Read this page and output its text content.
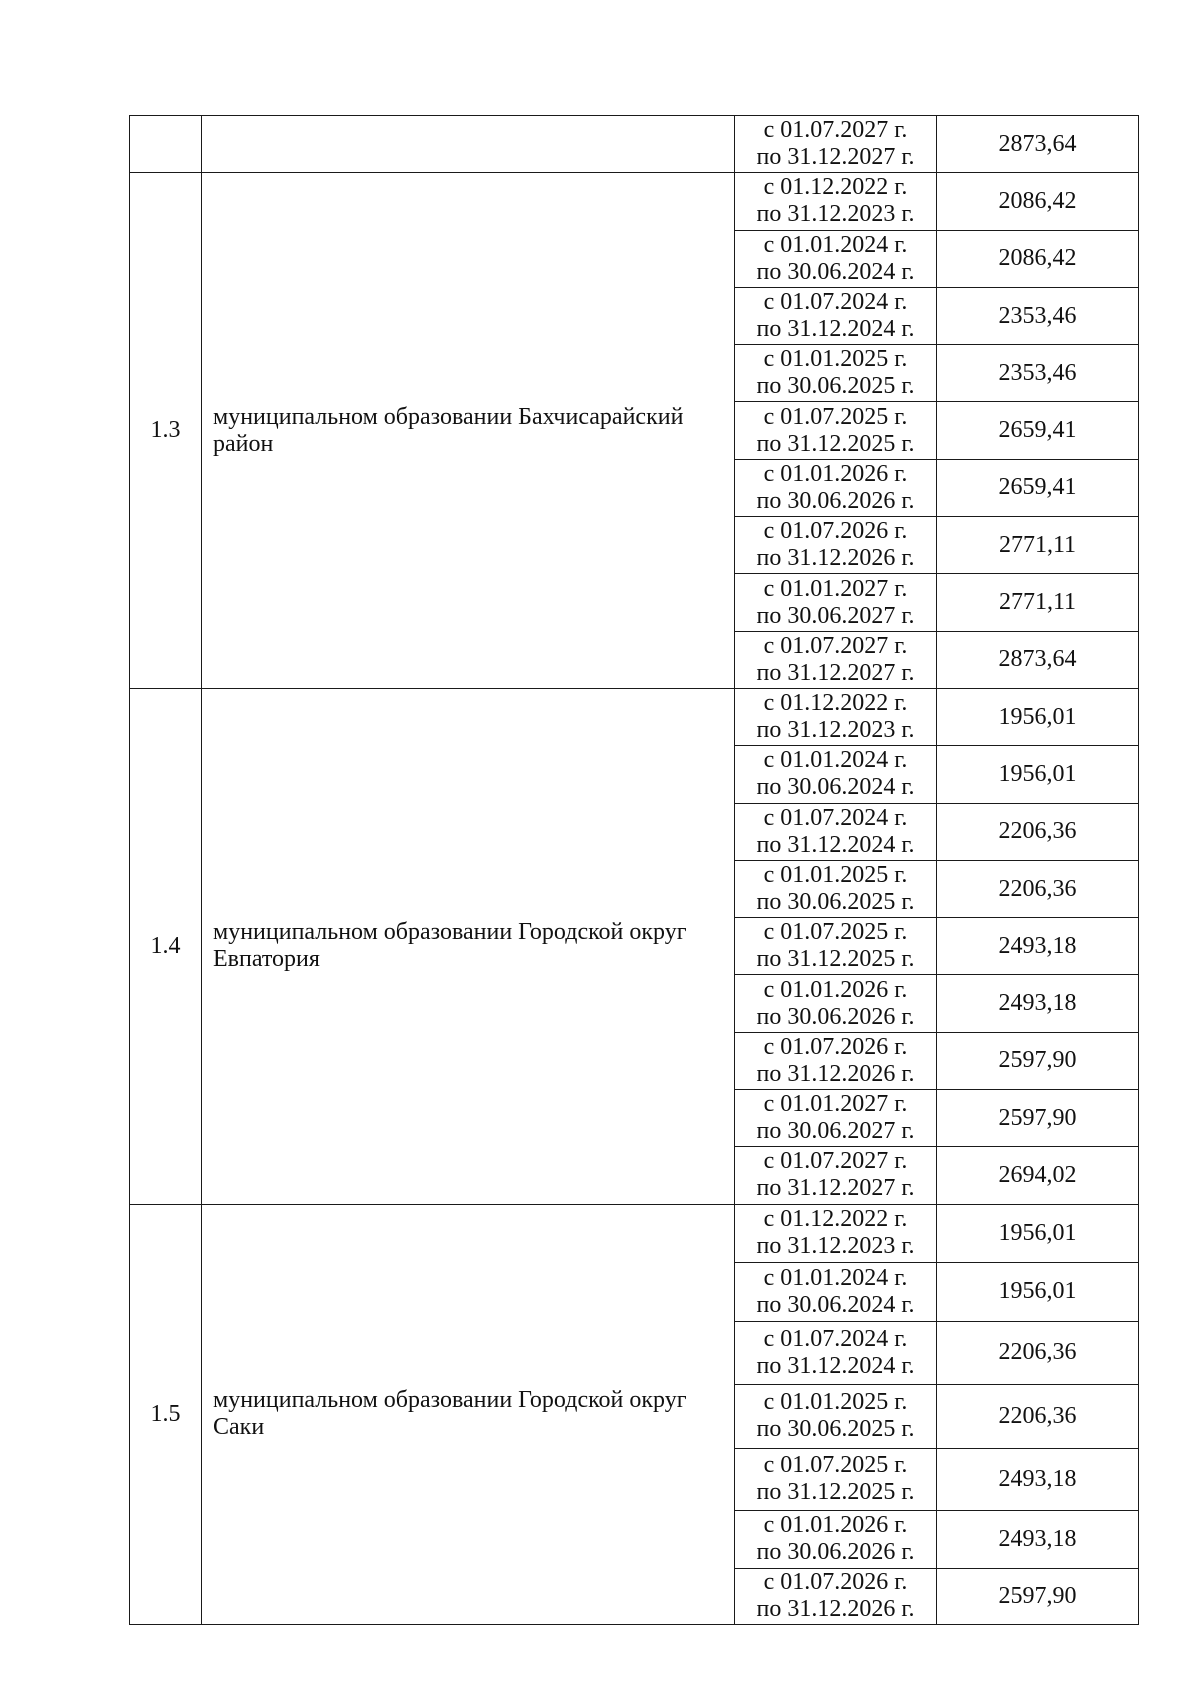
		с 01.07.2027 г.
по 31.12.2027 г.	2873,64
1.3	муниципальном образовании Бахчисарайский район	с 01.12.2022 г.
по 31.12.2023 г.	2086,42

		с 01.01.2024 г.
по 30.06.2024 г.	2086,42

		с 01.07.2024 г.
по 31.12.2024 г.	2353,46

		с 01.01.2025 г.
по 30.06.2025 г.	2353,46

		с 01.07.2025 г.
по 31.12.2025 г.	2659,41

		с 01.01.2026 г.
по 30.06.2026 г.	2659,41

		с 01.07.2026 г.
по 31.12.2026 г.	2771,11

		с 01.01.2027 г.
по 30.06.2027 г.	2771,11

		с 01.07.2027 г.
по 31.12.2027 г.	2873,64
1.4	муниципальном образовании Городской округ Евпатория	с 01.12.2022 г.
по 31.12.2023 г.	1956,01

		с 01.01.2024 г.
по 30.06.2024 г.	1956,01

		с 01.07.2024 г.
по 31.12.2024 г.	2206,36

		с 01.01.2025 г.
по 30.06.2025 г.	2206,36

		с 01.07.2025 г.
по 31.12.2025 г.	2493,18

		с 01.01.2026 г.
по 30.06.2026 г.	2493,18

		с 01.07.2026 г.
по 31.12.2026 г.	2597,90

		с 01.01.2027 г.
по 30.06.2027 г.	2597,90

		с 01.07.2027 г.
по 31.12.2027 г.	2694,02
1.5	муниципальном образовании Городской округ Саки	с 01.12.2022 г.
по 31.12.2023 г.	1956,01

		с 01.01.2024 г.
по 30.06.2024 г.	1956,01

		с 01.07.2024 г.
по 31.12.2024 г.	2206,36

		с 01.01.2025 г.
по 30.06.2025 г.	2206,36

		с 01.07.2025 г.
по 31.12.2025 г.	2493,18

		с 01.01.2026 г.
по 30.06.2026 г.	2493,18

		с 01.07.2026 г.
по 31.12.2026 г.	2597,90
